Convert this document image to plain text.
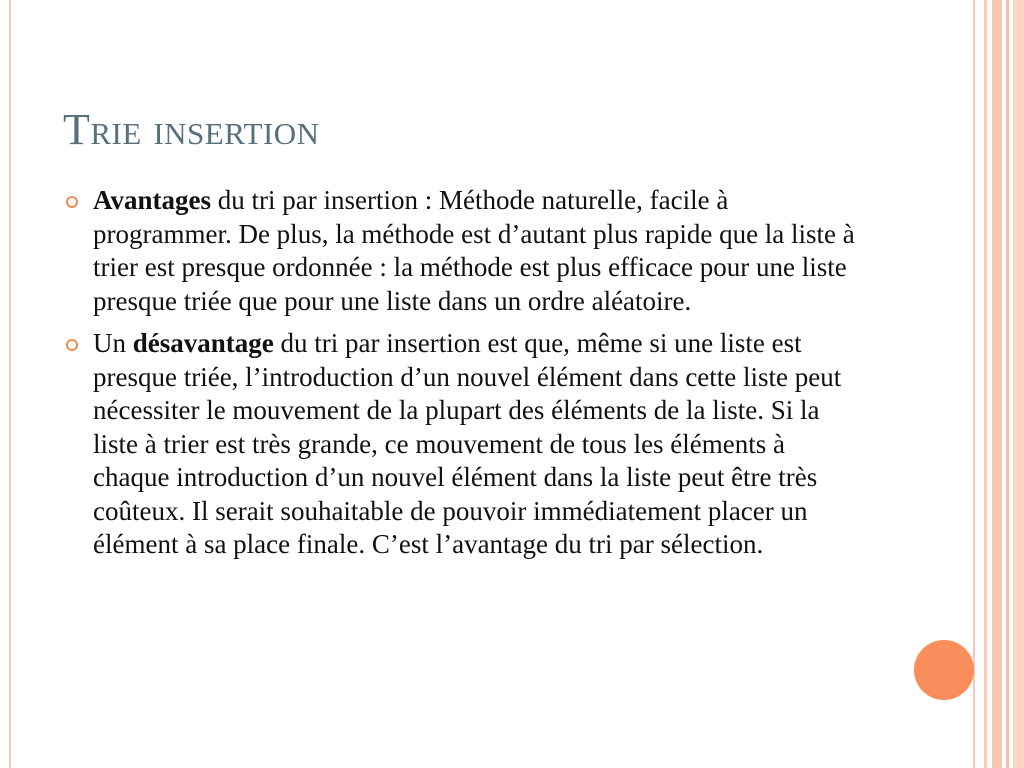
Trie insertion
Avantages du tri par insertion : Méthode naturelle, facile à programmer. De plus, la méthode est d’autant plus rapide que la liste à trier est presque ordonnée : la méthode est plus efficace pour une liste presque triée que pour une liste dans un ordre aléatoire.
Un désavantage du tri par insertion est que, même si une liste est presque triée, l’introduction d’un nouvel élément dans cette liste peut nécessiter le mouvement de la plupart des éléments de la liste. Si la liste à trier est très grande, ce mouvement de tous les éléments à chaque introduction d’un nouvel élément dans la liste peut être très coûteux. Il serait souhaitable de pouvoir immédiatement placer un élément à sa place finale. C’est l’avantage du tri par sélection.
